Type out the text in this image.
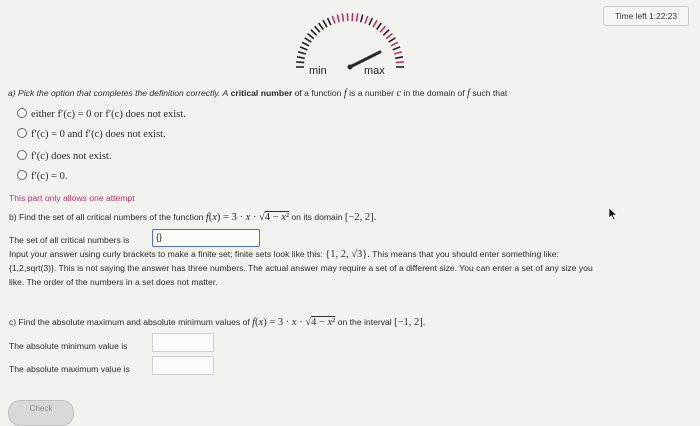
Time left 1:22:23
min	max
a) Pick the option that completes the definition correctly. A critical number of a function f is a number c in the domain of f such that
either f′(c) = 0 or f′(c) does not exist.
f′(c) = 0 and f′(c) does not exist.
f′(c) does not exist.
f′(c) = 0.
This part only allows one attempt
b) Find the set of all critical numbers of the function f(x) = 3 · x · √4 − x² on its domain [−2, 2].
The set of all critical numbers is	{}
Input your answer using curly brackets to make a finite set; finite sets look like this: {1, 2, √3}. This means that you should enter something like:
{1,2,sqrt(3)}. This is not saying the answer has three numbers. The actual answer may require a set of a different size. You can enter a set of any size you
like. The order of the numbers in a set does not matter.
c) Find the absolute maximum and absolute minimum values of f(x) = 3 · x · √4 − x² on the interval [−1, 2].
The absolute minimum value is
The absolute maximum value is
Check
